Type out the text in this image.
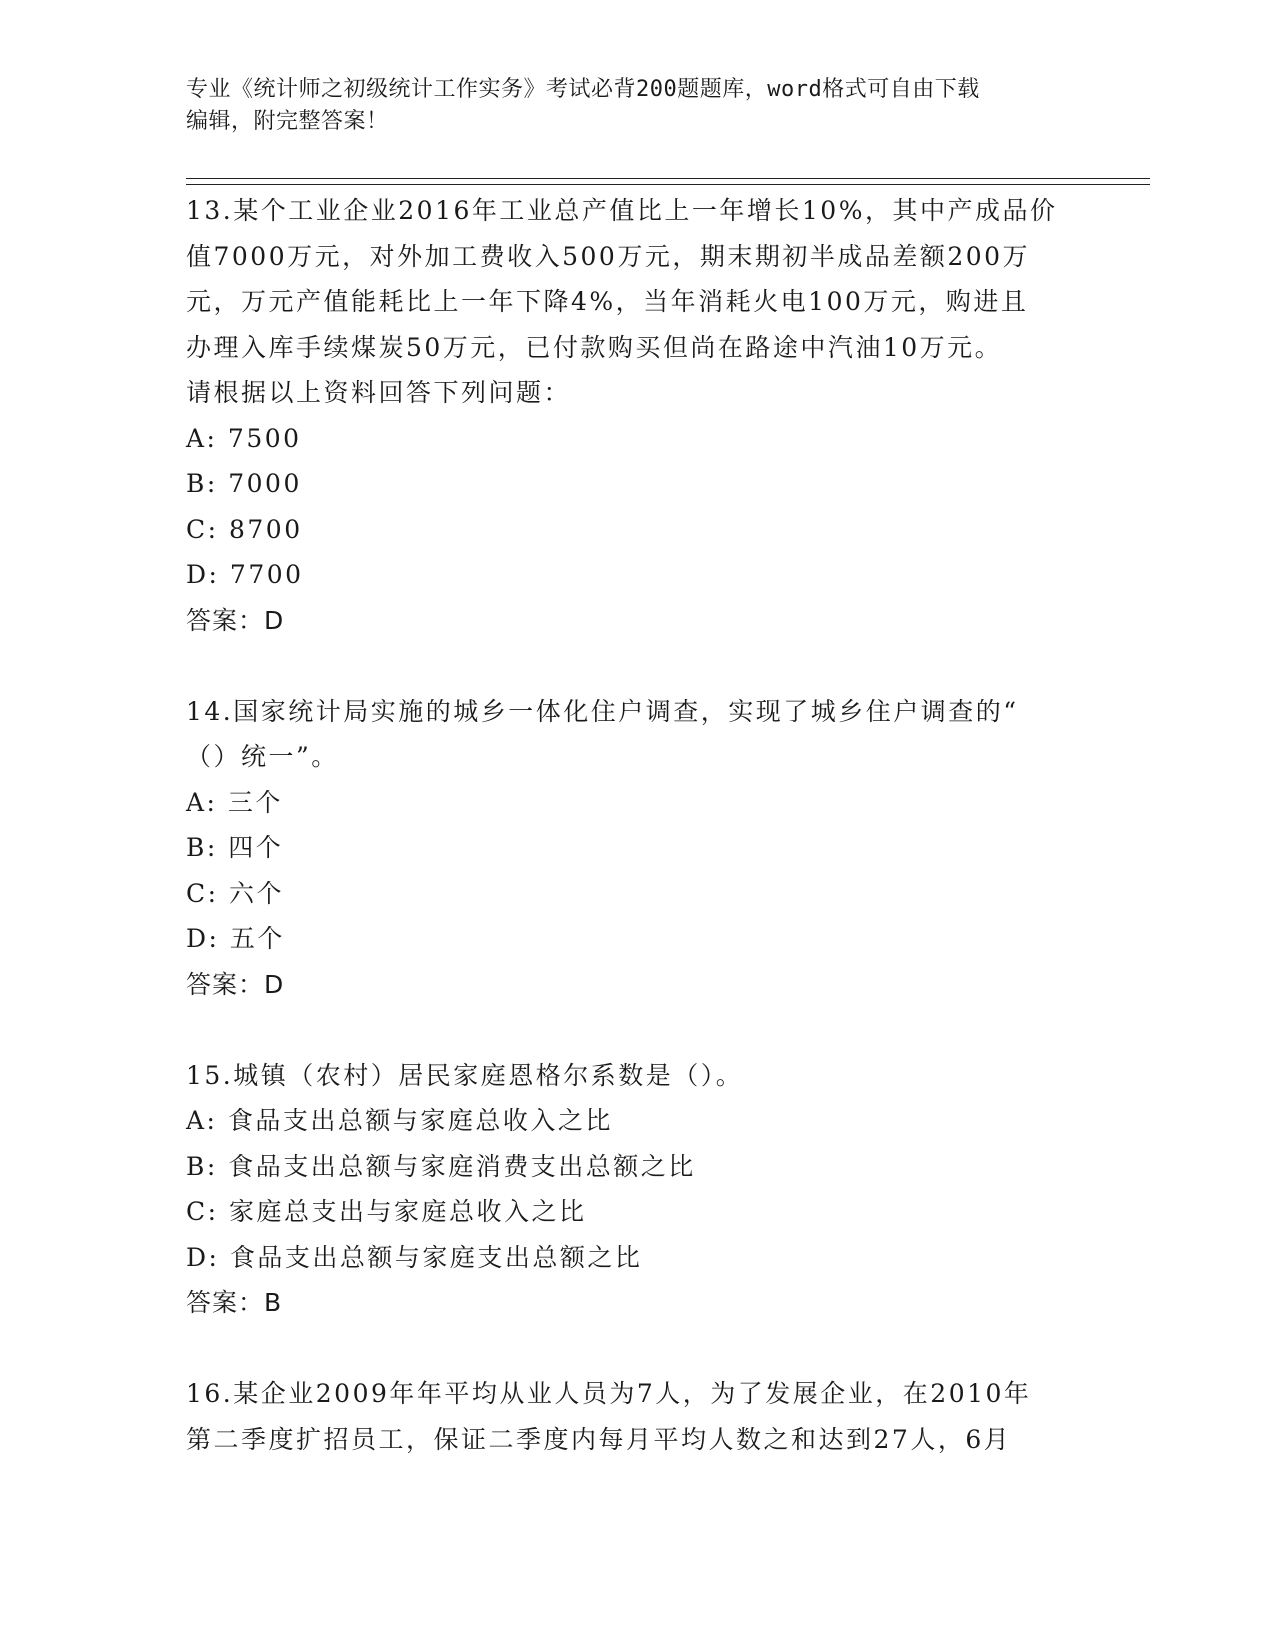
专业《统计师之初级统计工作实务》考试必背200题题库，word格式可自由下载
编辑，附完整答案！
13.某个工业企业2016年工业总产值比上一年增长10%，其中产成品价
值7000万元，对外加工费收入500万元，期末期初半成品差额200万
元，万元产值能耗比上一年下降4%，当年消耗火电100万元，购进且
办理入库手续煤炭50万元，已付款购买但尚在路途中汽油10万元。
请根据以上资料回答下列问题：
A: 7500
B: 7000
C: 8700
D: 7700
答案：D
14.国家统计局实施的城乡一体化住户调查，实现了城乡住户调查的“
（）统一”。
A: 三个
B: 四个
C: 六个
D: 五个
答案：D
15.城镇（农村）居民家庭恩格尔系数是（）。
A: 食品支出总额与家庭总收入之比
B: 食品支出总额与家庭消费支出总额之比
C: 家庭总支出与家庭总收入之比
D: 食品支出总额与家庭支出总额之比
答案：B
16.某企业2009年年平均从业人员为7人，为了发展企业，在2010年
第二季度扩招员工，保证二季度内每月平均人数之和达到27人，6月
